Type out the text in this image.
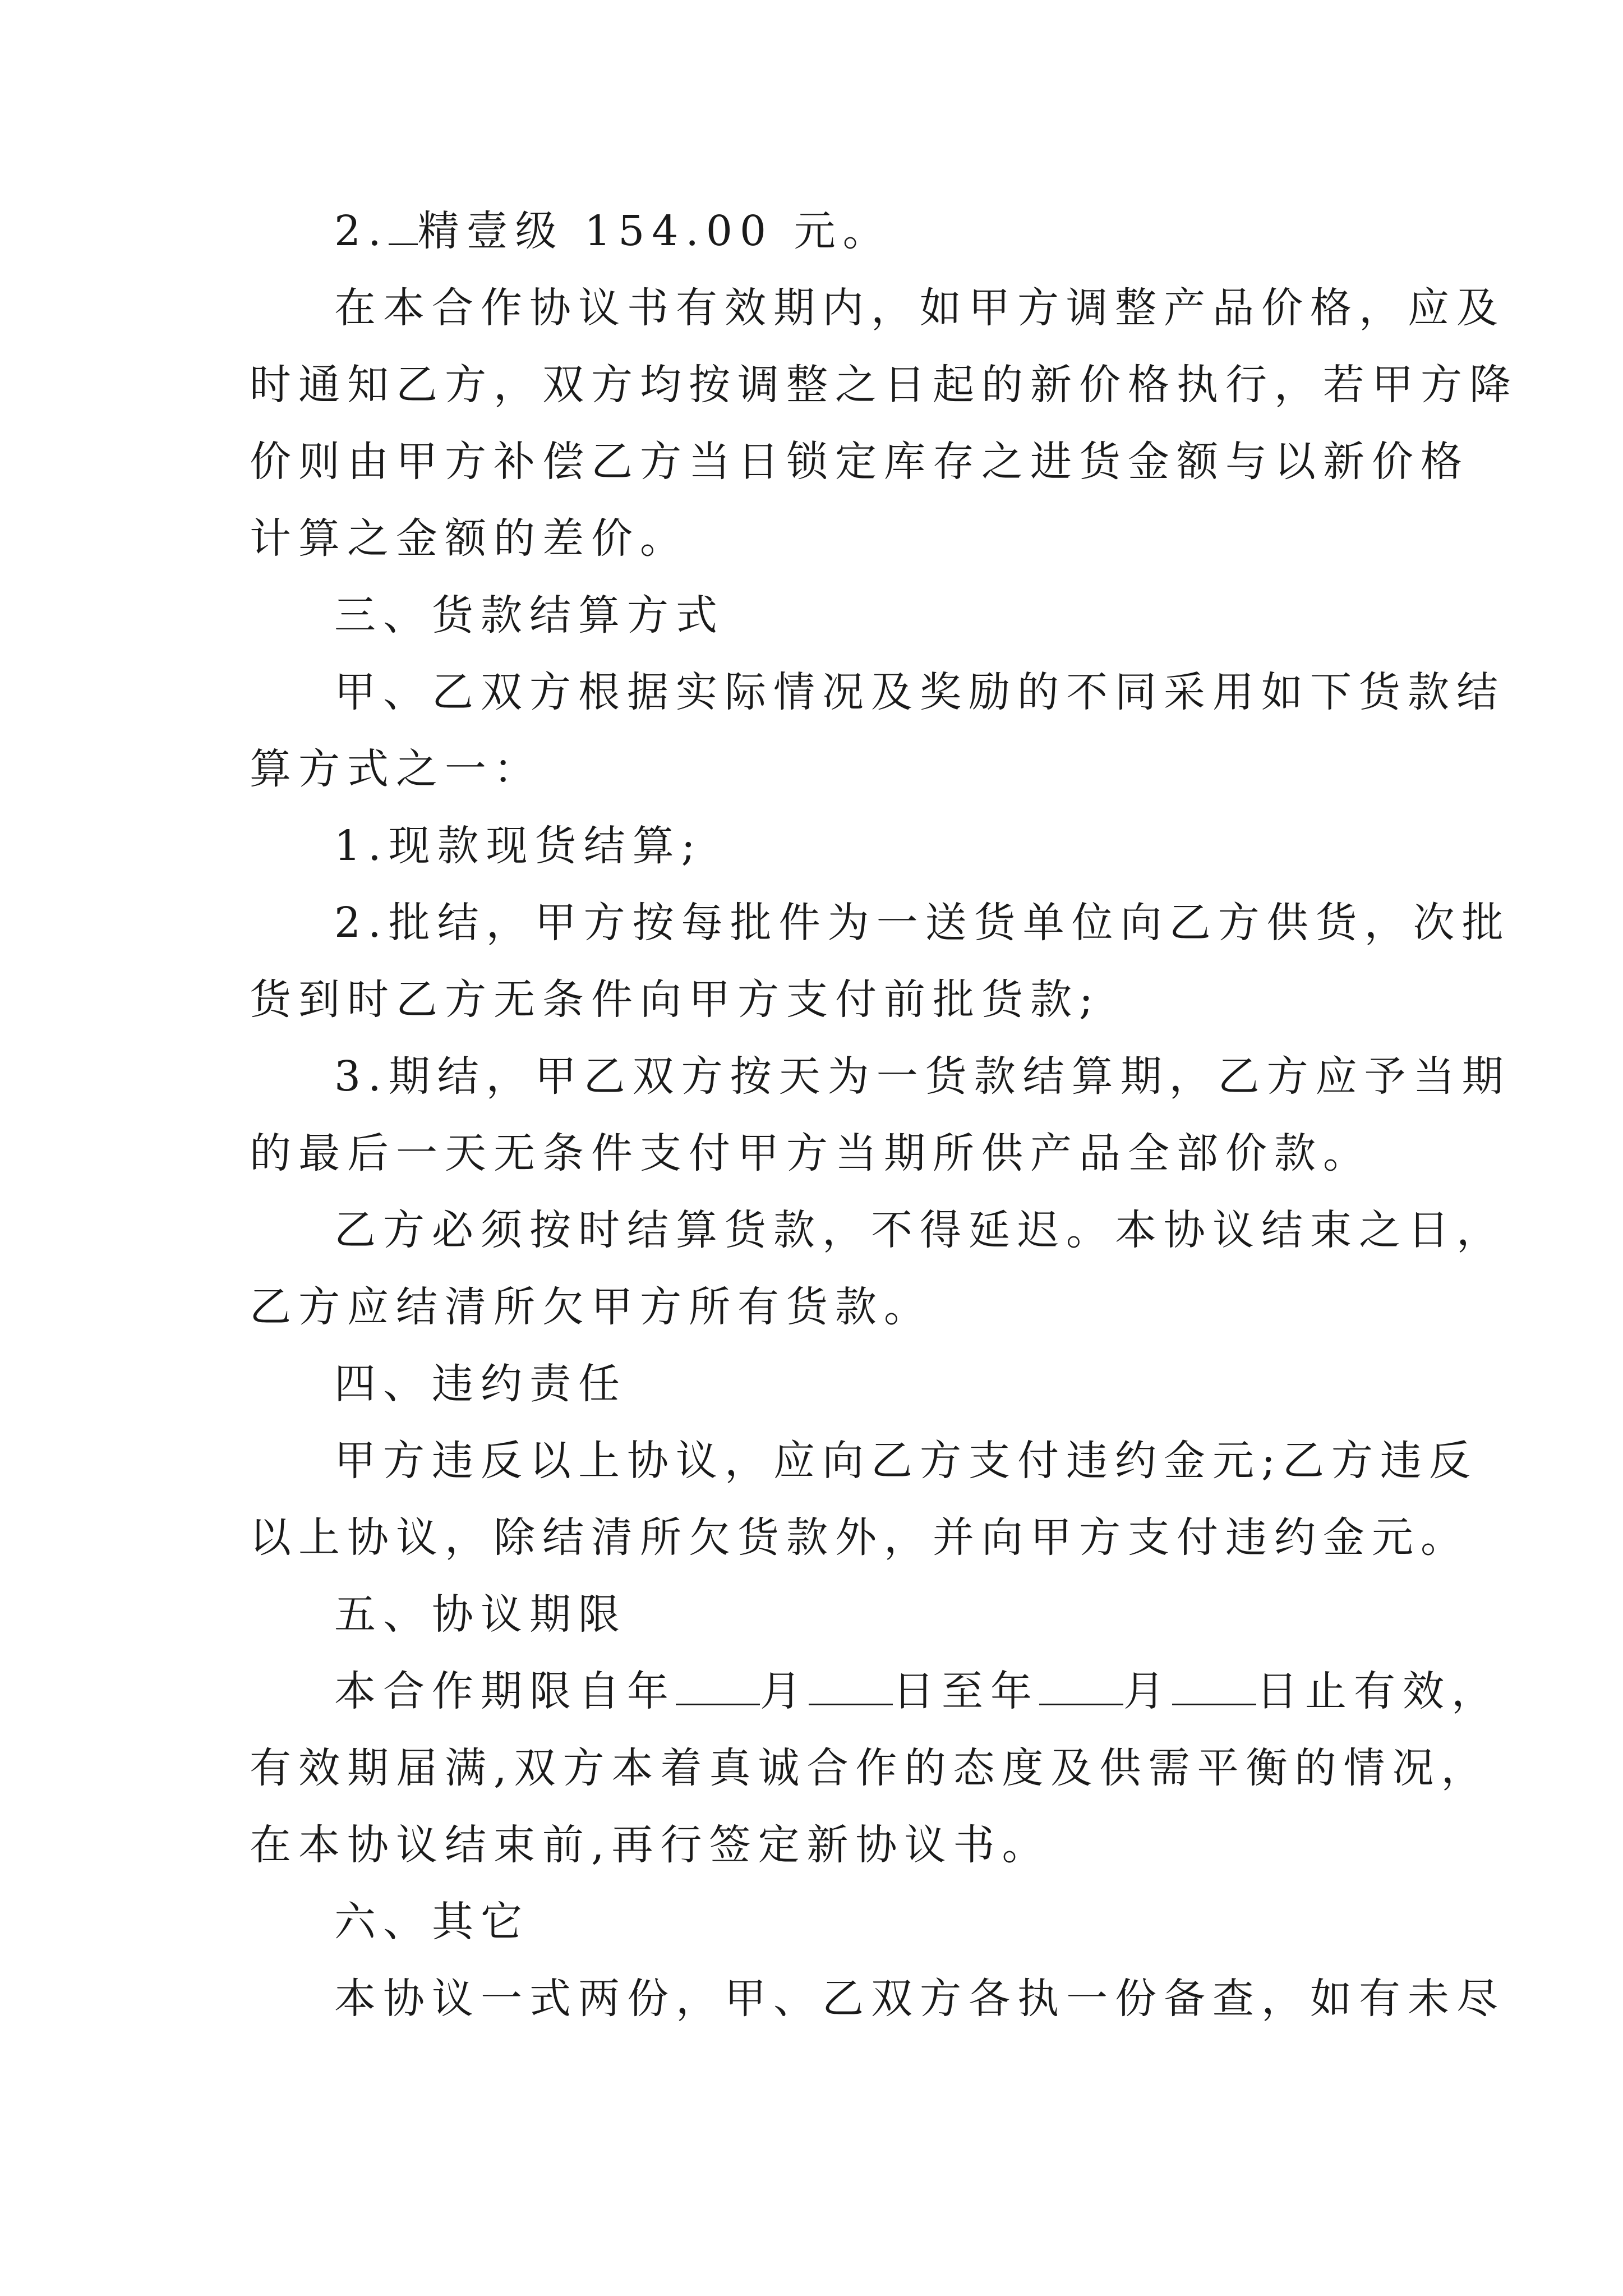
2. 精壹级 154.00 元。
在本合作协议书有效期内，如甲方调整产品价格，应及
时通知乙方，双方均按调整之日起的新价格执行，若甲方降
价则由甲方补偿乙方当日锁定库存之进货金额与以新价格
计算之金额的差价。
三、货款结算方式
甲、乙双方根据实际情况及奖励的不同采用如下货款结
算方式之一：
1.现款现货结算;
2.批结，甲方按每批件为一送货单位向乙方供货，次批
货到时乙方无条件向甲方支付前批货款;
3.期结，甲乙双方按天为一货款结算期，乙方应予当期
的最后一天无条件支付甲方当期所供产品全部价款。
乙方必须按时结算货款，不得延迟。本协议结束之日，
乙方应结清所欠甲方所有货款。
四、违约责任
甲方违反以上协议，应向乙方支付违约金元;乙方违反
以上协议，除结清所欠货款外，并向甲方支付违约金元。
五、协议期限
本合作期限自年 月 日至年 月 日止有效，
有效期届满,双方本着真诚合作的态度及供需平衡的情况，
在本协议结束前,再行签定新协议书。
六、其它
本协议一式两份，甲、乙双方各执一份备查，如有未尽
